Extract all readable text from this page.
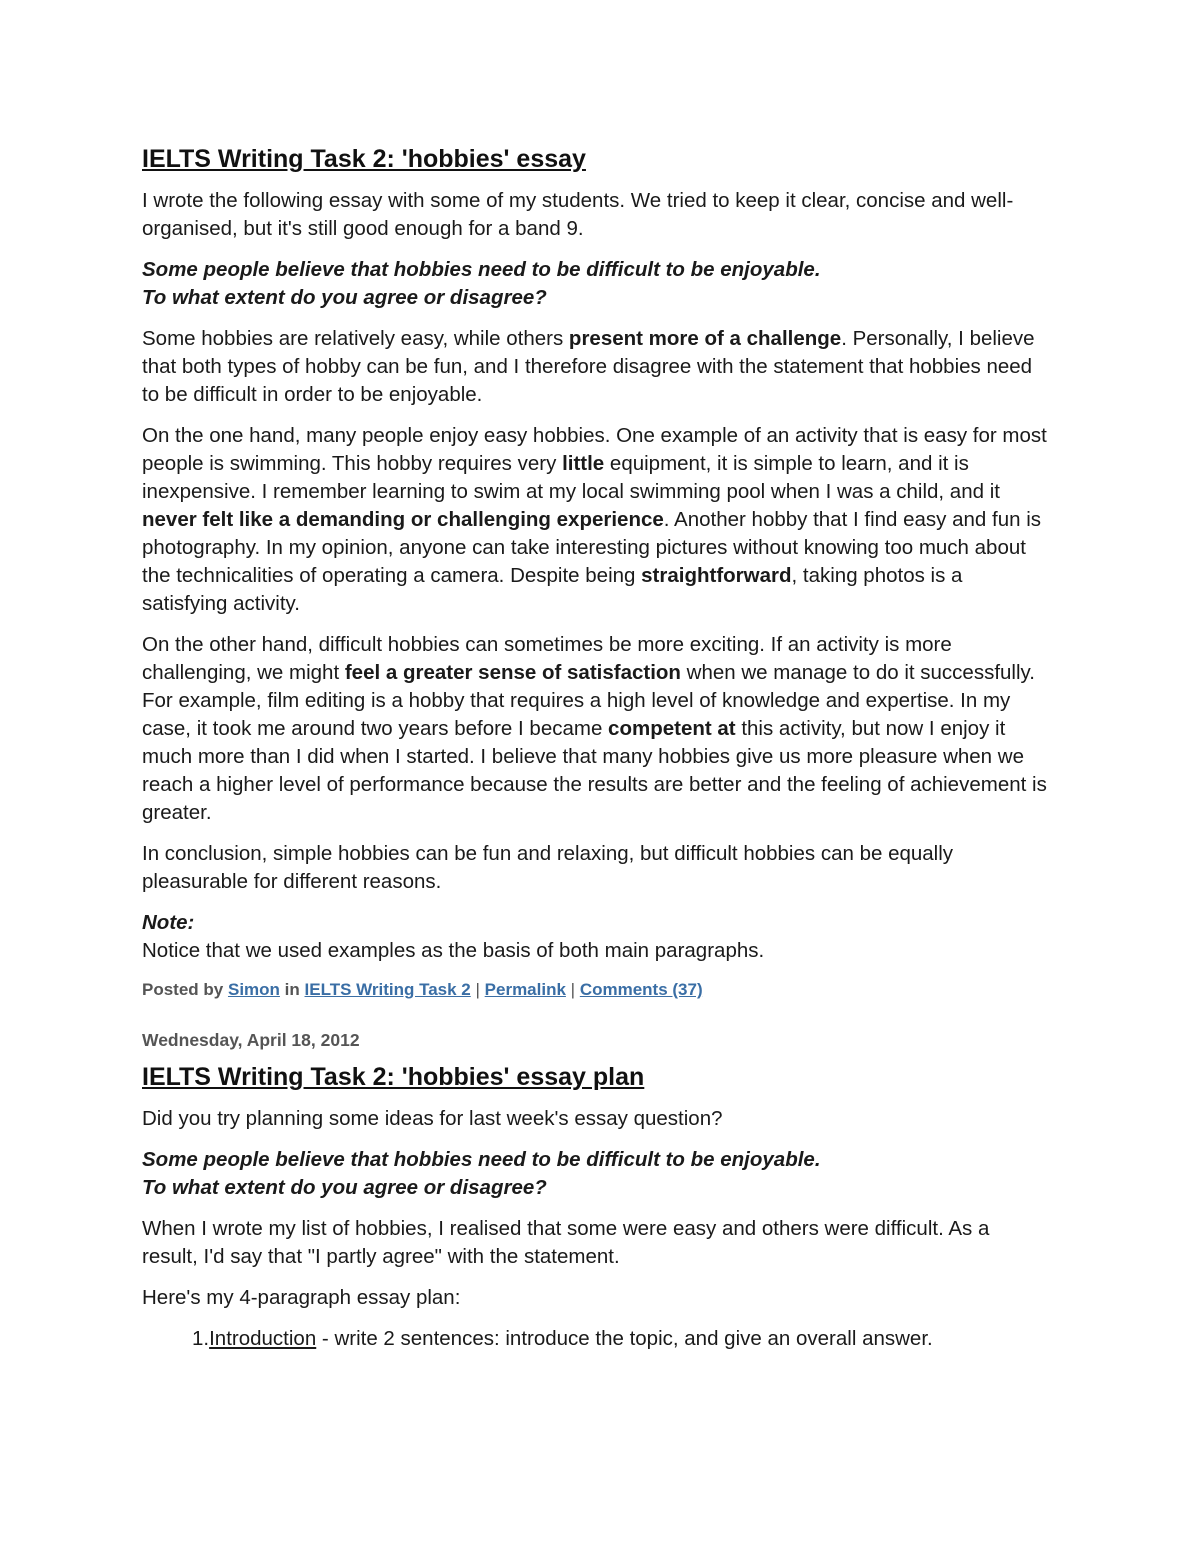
IELTS Writing Task 2: 'hobbies' essay

I wrote the following essay with some of my students. We tried to keep it clear, concise and well-organised, but it's still good enough for a band 9.

Some people believe that hobbies need to be difficult to be enjoyable.
To what extent do you agree or disagree?

Some hobbies are relatively easy, while others present more of a challenge. Personally, I believe that both types of hobby can be fun, and I therefore disagree with the statement that hobbies need to be difficult in order to be enjoyable.

On the one hand, many people enjoy easy hobbies. One example of an activity that is easy for most people is swimming. This hobby requires very little equipment, it is simple to learn, and it is inexpensive. I remember learning to swim at my local swimming pool when I was a child, and it never felt like a demanding or challenging experience. Another hobby that I find easy and fun is photography. In my opinion, anyone can take interesting pictures without knowing too much about the technicalities of operating a camera. Despite being straightforward, taking photos is a satisfying activity.

On the other hand, difficult hobbies can sometimes be more exciting. If an activity is more challenging, we might feel a greater sense of satisfaction when we manage to do it successfully. For example, film editing is a hobby that requires a high level of knowledge and expertise. In my case, it took me around two years before I became competent at this activity, but now I enjoy it much more than I did when I started. I believe that many hobbies give us more pleasure when we reach a higher level of performance because the results are better and the feeling of achievement is greater.

In conclusion, simple hobbies can be fun and relaxing, but difficult hobbies can be equally pleasurable for different reasons.

Note:
Notice that we used examples as the basis of both main paragraphs.

Posted by Simon in IELTS Writing Task 2 | Permalink | Comments (37)
Wednesday, April 18, 2012
IELTS Writing Task 2: 'hobbies' essay plan

Did you try planning some ideas for last week's essay question?

Some people believe that hobbies need to be difficult to be enjoyable.
To what extent do you agree or disagree?

When I wrote my list of hobbies, I realised that some were easy and others were difficult. As a result, I'd say that "I partly agree" with the statement.

Here's my 4-paragraph essay plan:

1.Introduction - write 2 sentences: introduce the topic, and give an overall answer.
